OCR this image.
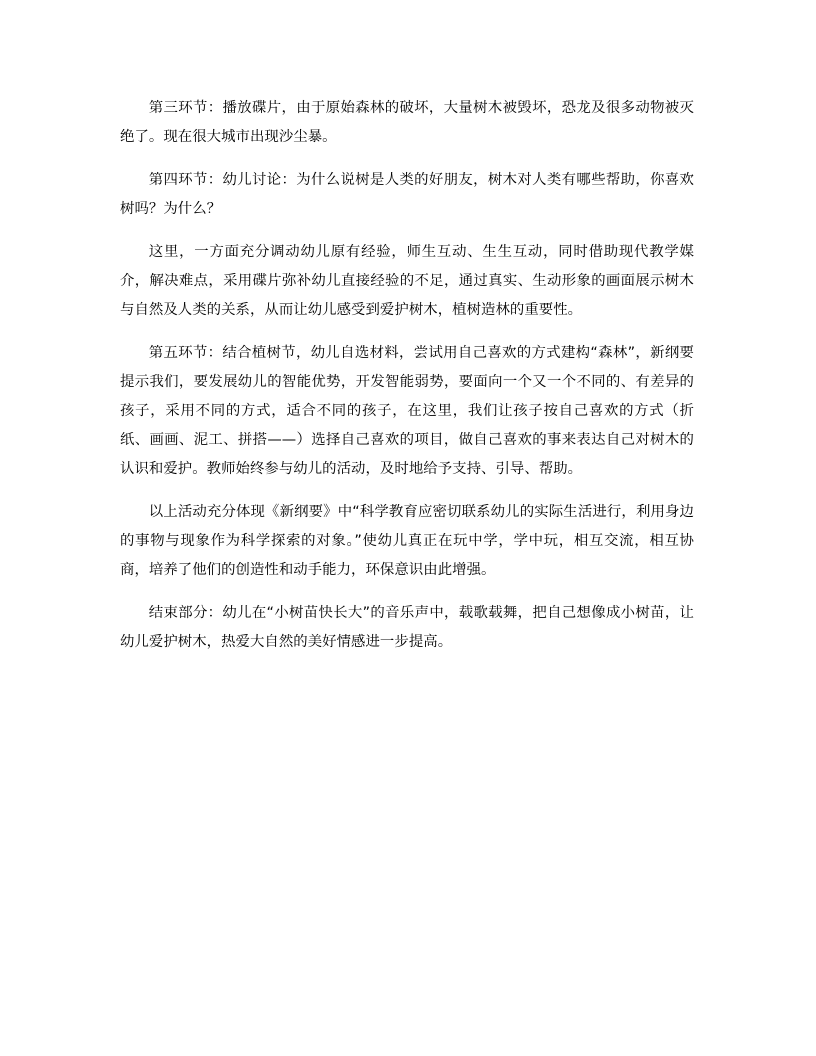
第三环节：播放碟片，由于原始森林的破坏，大量树木被毁坏，恐龙及很多动物被灭绝了。现在很大城市出现沙尘暴。

第四环节：幼儿讨论：为什么说树是人类的好朋友，树木对人类有哪些帮助，你喜欢树吗？为什么？

这里，一方面充分调动幼儿原有经验，师生互动、生生互动，同时借助现代教学媒介，解决难点，采用碟片弥补幼儿直接经验的不足，通过真实、生动形象的画面展示树木与自然及人类的关系，从而让幼儿感受到爱护树木，植树造林的重要性。

第五环节：结合植树节，幼儿自选材料，尝试用自己喜欢的方式建构“森林”，新纲要提示我们，要发展幼儿的智能优势，开发智能弱势，要面向一个又一个不同的、有差异的孩子，采用不同的方式，适合不同的孩子，在这里，我们让孩子按自己喜欢的方式（折纸、画画、泥工、拼搭——）选择自己喜欢的项目，做自己喜欢的事来表达自己对树木的认识和爱护。教师始终参与幼儿的活动，及时地给予支持、引导、帮助。

以上活动充分体现《新纲要》中“科学教育应密切联系幼儿的实际生活进行，利用身边的事物与现象作为科学探索的对象。”使幼儿真正在玩中学，学中玩，相互交流，相互协商，培养了他们的创造性和动手能力，环保意识由此增强。

结束部分：幼儿在“小树苗快长大”的音乐声中，载歌载舞，把自己想像成小树苗，让幼儿爱护树木，热爱大自然的美好情感进一步提高。
